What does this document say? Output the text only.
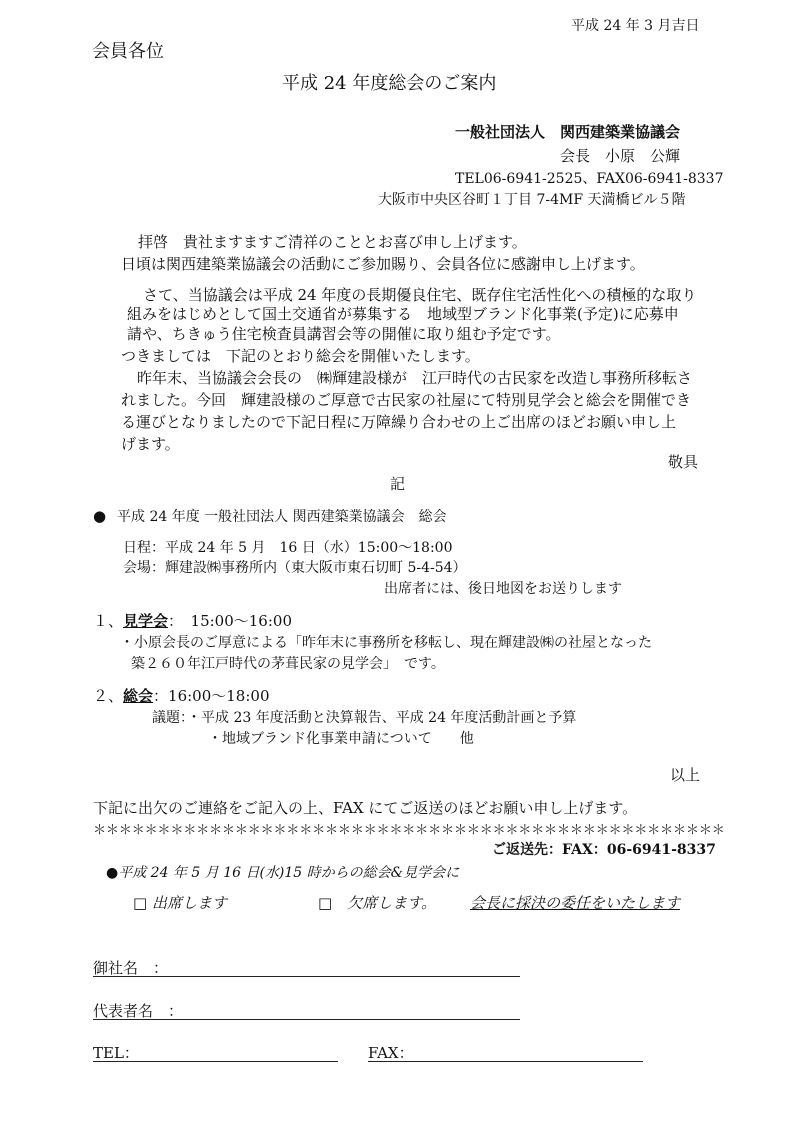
平成 24 年 3 月吉日
会員各位
平成 24 年度総会のご案内
一般社団法人　関西建築業協議会
会長　小原　公輝
TEL06-6941-2525、FAX06-6941-8337
大阪市中央区谷町１丁目 7-4MF 天満橋ビル５階
拝啓　貴社ますますご清祥のこととお喜び申し上げます。
日頃は関西建築業協議会の活動にご参加賜り、会員各位に感謝申し上げます。
さて、当協議会は平成 24 年度の長期優良住宅、既存住宅活性化への積極的な取り
組みをはじめとして国土交通省が募集する　地域型ブランド化事業(予定)に応募申
請や、ちきゅう住宅検査員講習会等の開催に取り組む予定です。
つきましては　下記のとおり総会を開催いたします。
昨年末、当協議会会長の　㈱輝建設様が　江戸時代の古民家を改造し事務所移転さ
れました。今回　輝建設様のご厚意で古民家の社屋にて特別見学会と総会を開催でき
る運びとなりましたので下記日程に万障繰り合わせの上ご出席のほどお願い申し上
げます。
敬具
記
● 平成 24 年度 一般社団法人 関西建築業協議会　総会
日程：平成 24 年 5 月　16 日（水）15:00〜18:00
会場：輝建設㈱事務所内（東大阪市東石切町 5-4-54）
出席者には、後日地図をお送りします
１、見学会：　15:00〜16:00
・小原会長のご厚意による「昨年末に事務所を移転し、現在輝建設㈱の社屋となった
築２６０年江戸時代の茅葺民家の見学会」　です。
２、総会：16:00〜18:00
議題：・平成 23 年度活動と決算報告、平成 24 年度活動計画と予算
・地域ブランド化事業申請について　　他
以上
下記に出欠のご連絡をご記入の上、FAX にてご返送のほどお願い申し上げます。
＊＊＊＊＊＊＊＊＊＊＊＊＊＊＊＊＊＊＊＊＊＊＊＊＊＊＊＊＊＊＊＊＊＊＊＊＊＊＊＊＊＊＊＊＊＊＊＊＊
ご返送先：FAX：06-6941-8337
●平成 24 年 5 月 16 日(水)15 時からの総会&見学会に
□ 出席します	□　欠席します。 会長に採決の委任をいたします
御社名　：
代表者名　：
TEL：	FAX：
